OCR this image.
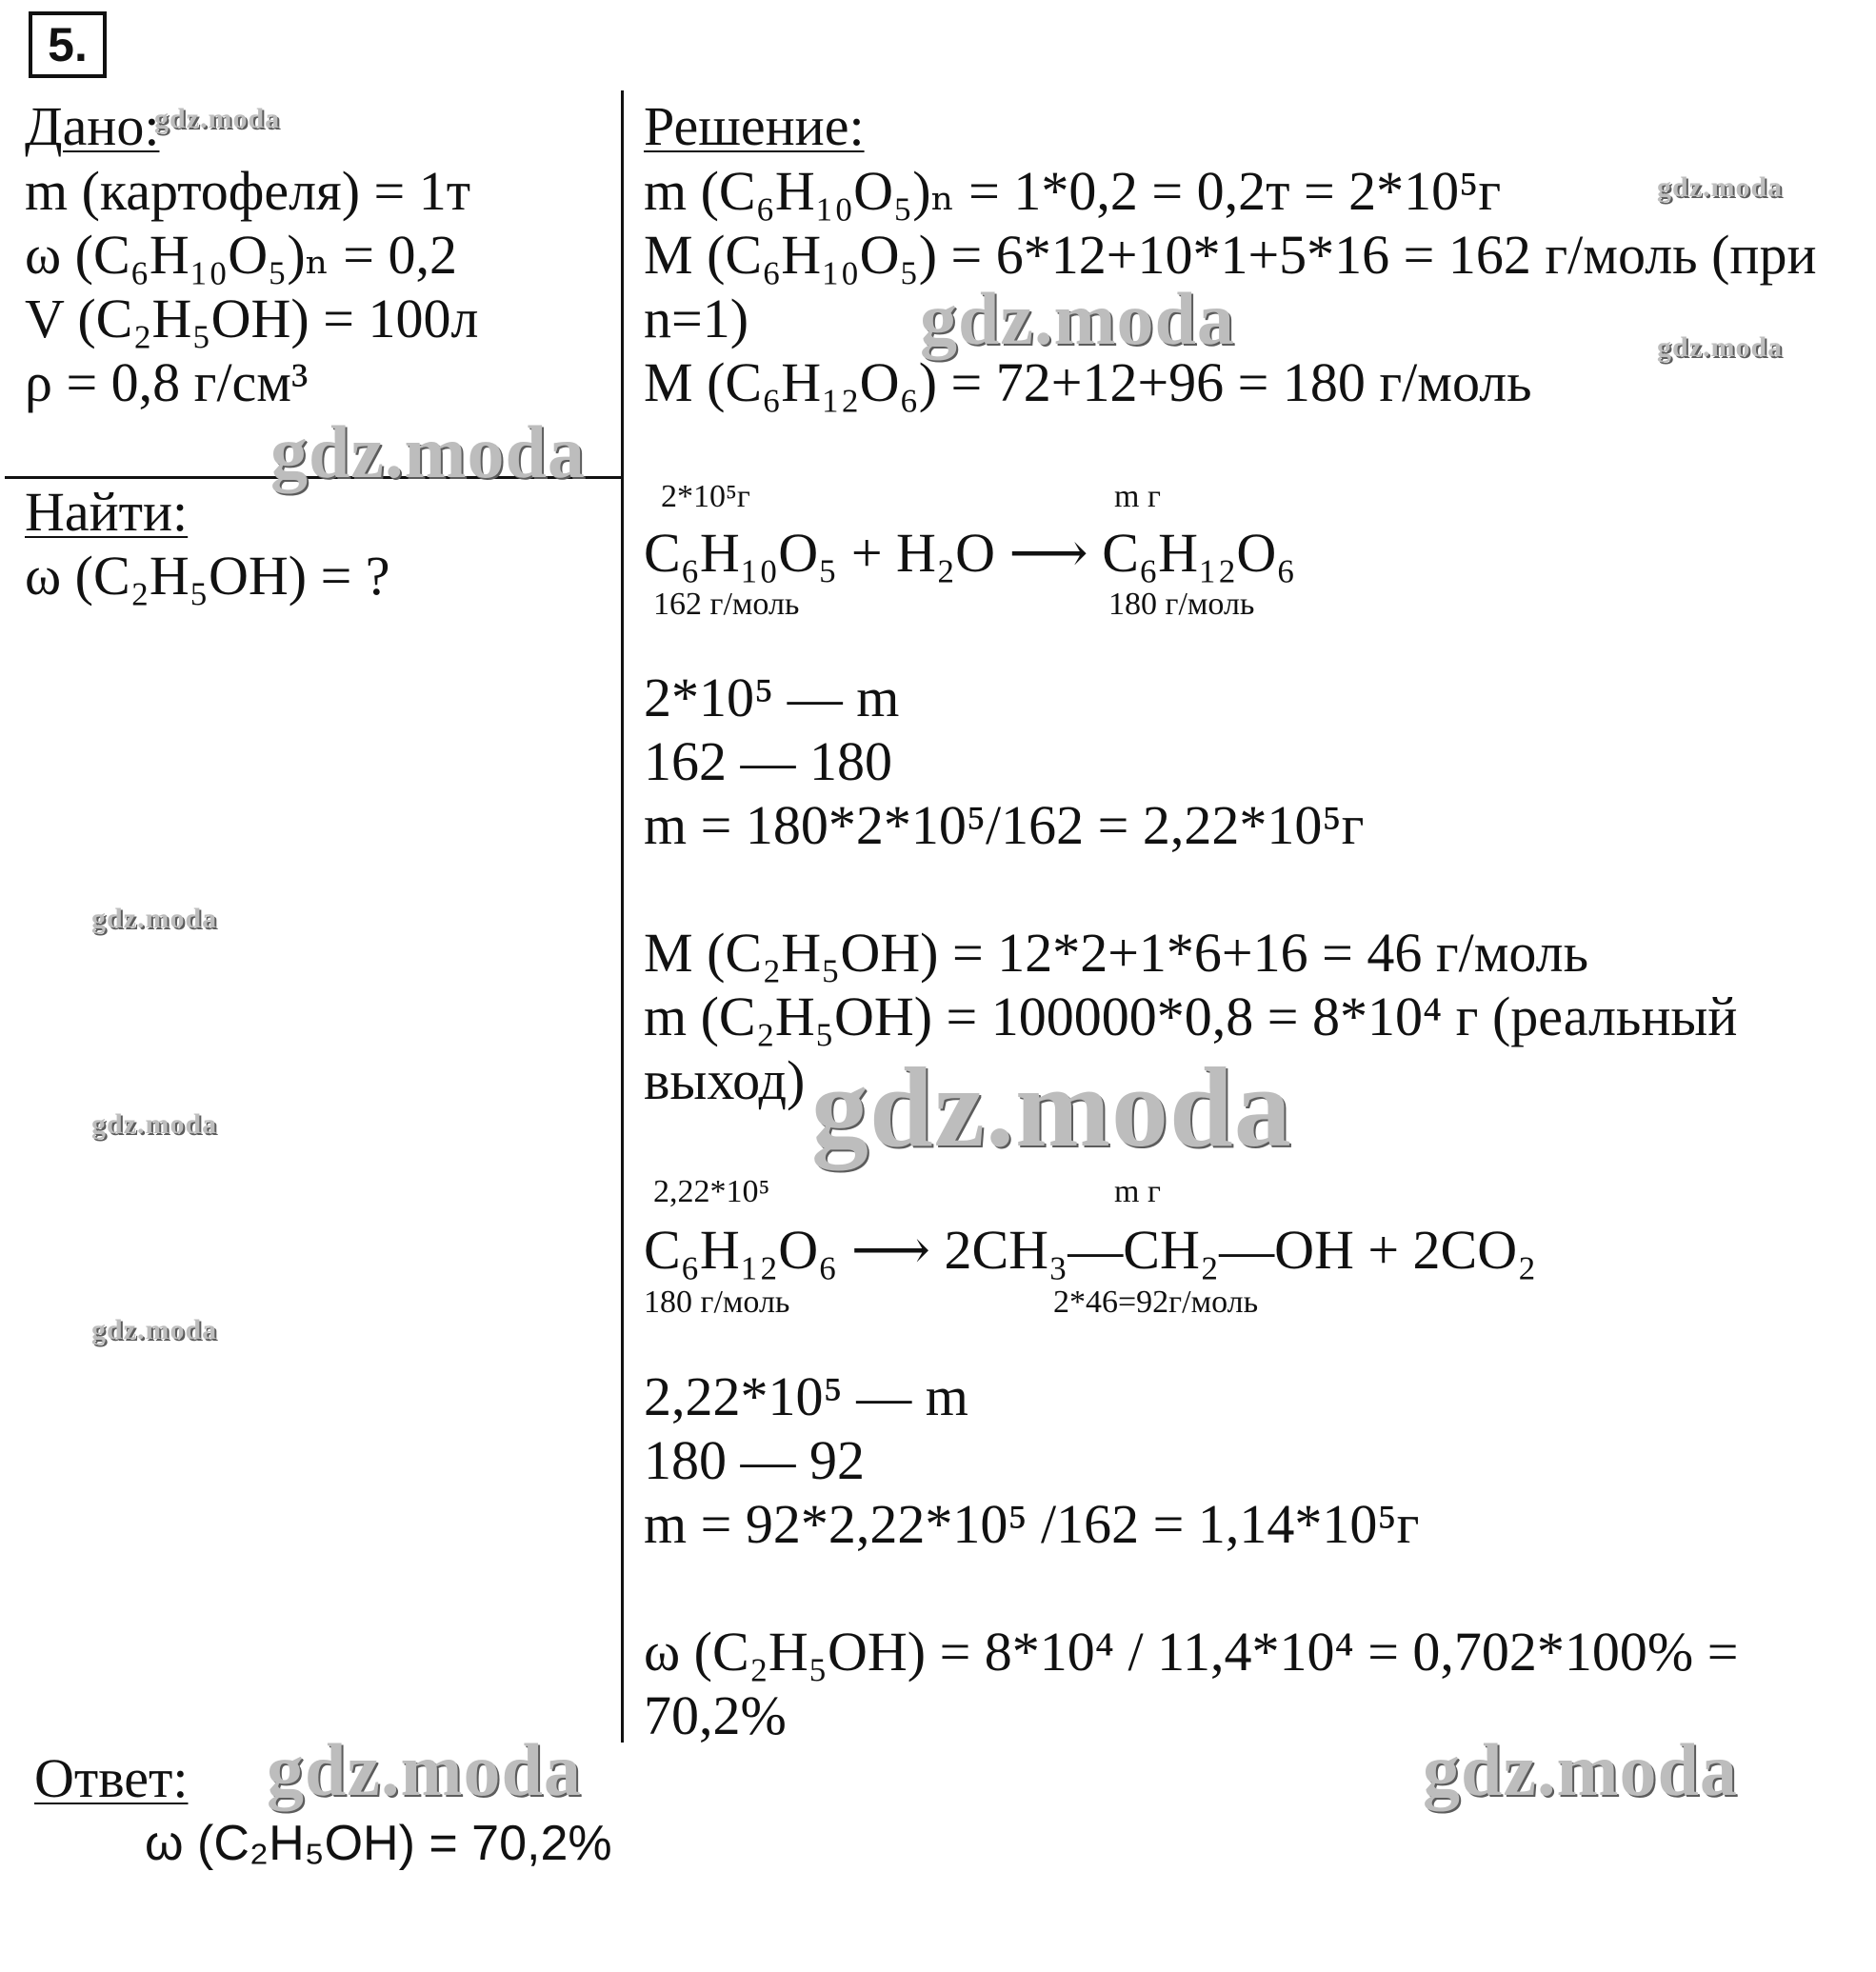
5.
Дано:
m (картофеля) = 1т
ω (C₆H₁₀O₅)ₙ = 0,2
V (C₂H₅OH) = 100л
ρ = 0,8 г/см³
Найти:
ω (C₂H₅OH) = ?
Решение:
m (C₆H₁₀O₅)ₙ = 1*0,2 = 0,2т = 2*10⁵г
M (C₆H₁₀O₅) = 6*12+10*1+5*16 = 162 г/моль (при
n=1)
M (C₆H₁₂O₆) = 72+12+96 = 180 г/моль
2*10⁵г	m г
C₆H₁₀O₅ + H₂O ⟶ C₆H₁₂O₆
162 г/моль	180 г/моль
2*10⁵ — m
162 — 180
m = 180*2*10⁵/162 = 2,22*10⁵г
M (C₂H₅OH) = 12*2+1*6+16 = 46 г/моль
m (C₂H₅OH) = 100000*0,8 = 8*10⁴ г (реальный
выход)
2,22*10⁵	m г
C₆H₁₂O₆ ⟶ 2CH₃—CH₂—OH + 2CO₂
180 г/моль	2*46=92г/моль
2,22*10⁵ — m
180 — 92
m = 92*2,22*10⁵ /162 = 1,14*10⁵г
ω (C₂H₅OH) = 8*10⁴ / 11,4*10⁴ = 0,702*100% =
70,2%
Ответ:
ω (C₂H₅OH) = 70,2%
gdz.moda
gdz.moda
gdz.moda
gdz.moda
gdz.moda
gdz.moda
gdz.moda
gdz.moda
gdz.moda
gdz.moda	gdz.moda
